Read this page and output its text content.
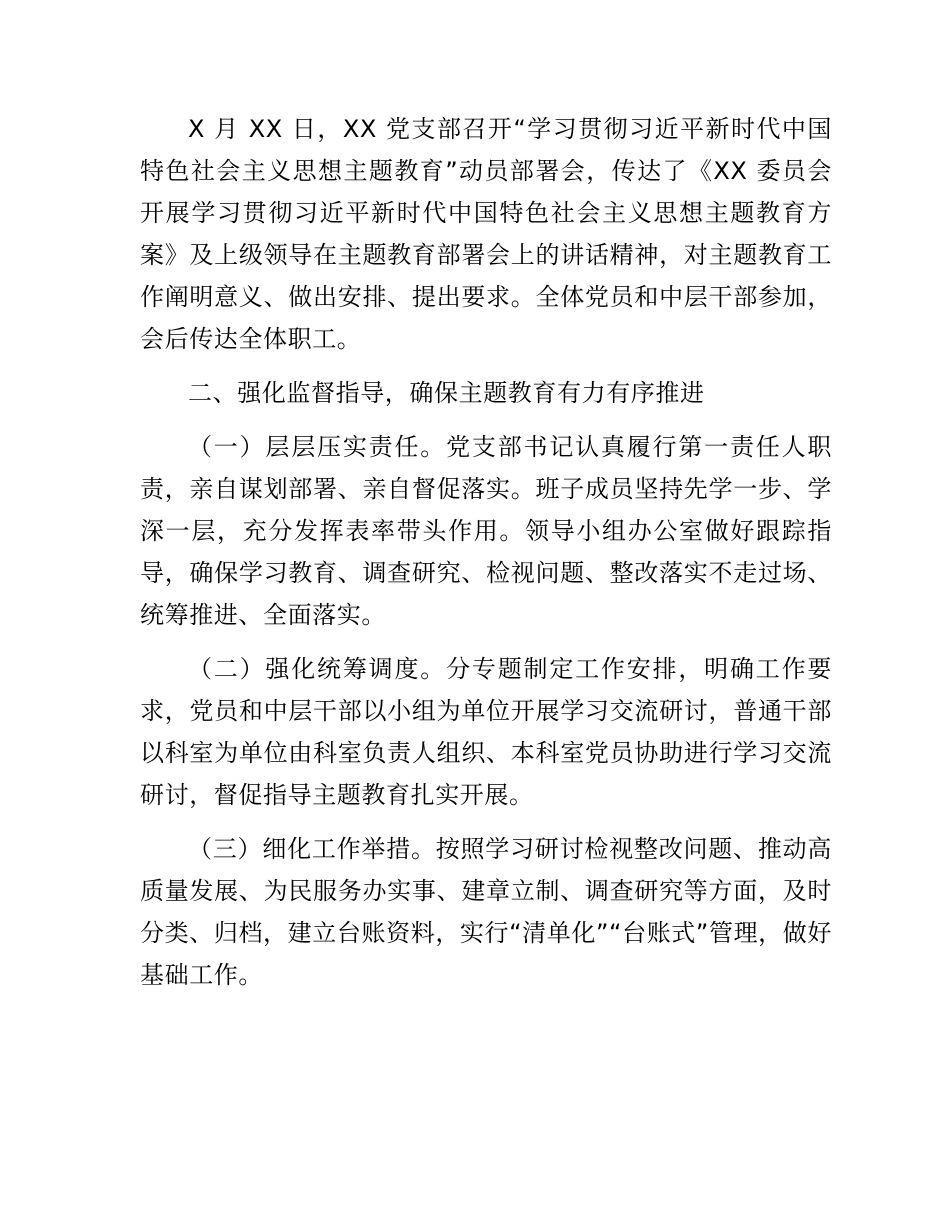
X 月 XX 日，XX 党支部召开“学习贯彻习近平新时代中国特色社会主义思想主题教育”动员部署会，传达了《XX 委员会开展学习贯彻习近平新时代中国特色社会主义思想主题教育方案》及上级领导在主题教育部署会上的讲话精神，对主题教育工作阐明意义、做出安排、提出要求。全体党员和中层干部参加，会后传达全体职工。

二、强化监督指导，确保主题教育有力有序推进

（一）层层压实责任。党支部书记认真履行第一责任人职责，亲自谋划部署、亲自督促落实。班子成员坚持先学一步、学深一层，充分发挥表率带头作用。领导小组办公室做好跟踪指导，确保学习教育、调查研究、检视问题、整改落实不走过场、统筹推进、全面落实。

（二）强化统筹调度。分专题制定工作安排，明确工作要求，党员和中层干部以小组为单位开展学习交流研讨，普通干部以科室为单位由科室负责人组织、本科室党员协助进行学习交流研讨，督促指导主题教育扎实开展。

（三）细化工作举措。按照学习研讨检视整改问题、推动高质量发展、为民服务办实事、建章立制、调查研究等方面，及时分类、归档，建立台账资料，实行“清单化”“台账式”管理，做好基础工作。
